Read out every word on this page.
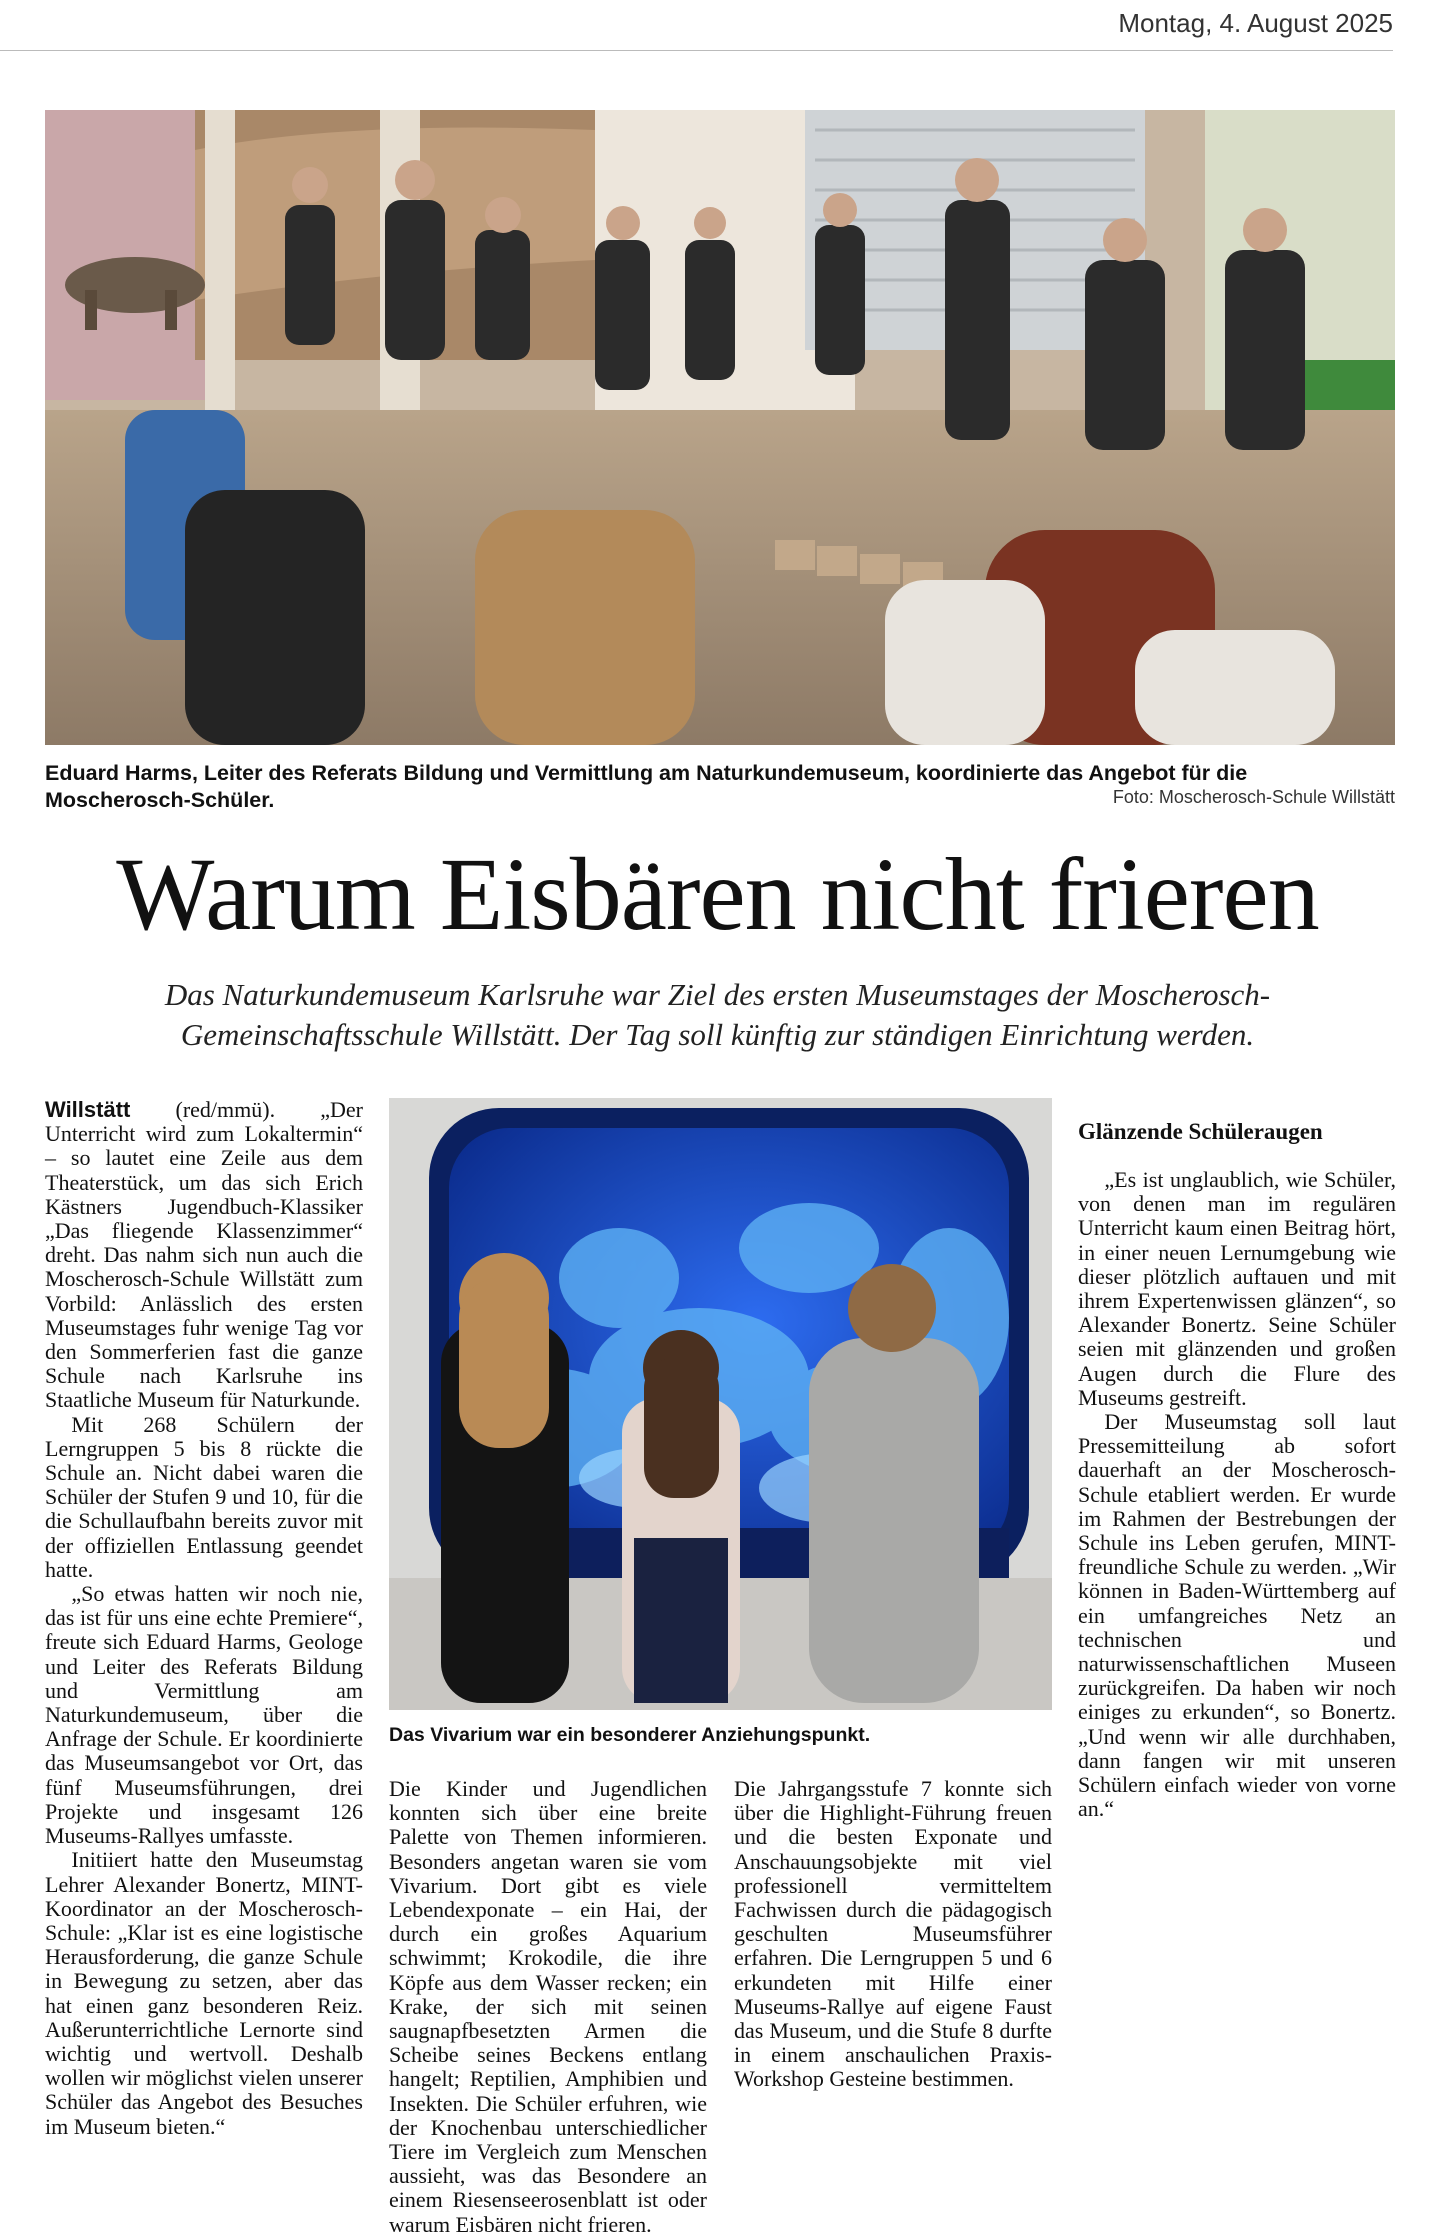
Montag, 4. August 2025
Eduard Harms, Leiter des Referats Bildung und Vermittlung am Naturkundemuseum, koordinierte das Angebot für die Moscherosch-Schüler.	Foto: Moscherosch-Schule Willstätt
Warum Eisbären nicht frieren
Das Naturkundemuseum Karlsruhe war Ziel des ersten Museumstages der Moscherosch-Gemeinschaftsschule Willstätt. Der Tag soll künftig zur ständigen Einrichtung werden.

Willstätt (red/mmü). „Der Unterricht wird zum Lokaltermin“ – so lautet eine Zeile aus dem Theaterstück, um das sich Erich Kästners Jugendbuch-Klassiker „Das fliegende Klassenzimmer“ dreht. Das nahm sich nun auch die Moscherosch-Schule Willstätt zum Vorbild: Anlässlich des ersten Museumstages fuhr wenige Tag vor den Sommerferien fast die ganze Schule nach Karlsruhe ins Staatliche Museum für Naturkunde.

Mit 268 Schülern der Lerngruppen 5 bis 8 rückte die Schule an. Nicht dabei waren die Schüler der Stufen 9 und 10, für die die Schullaufbahn bereits zuvor mit der offiziellen Entlassung geendet hatte.

„So etwas hatten wir noch nie, das ist für uns eine echte Premiere“, freute sich Eduard Harms, Geologe und Leiter des Referats Bildung und Vermittlung am Naturkundemuseum, über die Anfrage der Schule. Er koordinierte das Museumsangebot vor Ort, das fünf Museumsführungen, drei Projekte und insgesamt 126 Museums-Rallyes umfasste.

Initiiert hatte den Museumstag Lehrer Alexander Bonertz, MINT-Koordinator an der Moscherosch-Schule: „Klar ist es eine logistische Herausforderung, die ganze Schule in Bewegung zu setzen, aber das hat einen ganz besonderen Reiz. Außerunterrichtliche Lernorte sind wichtig und wertvoll. Deshalb wollen wir möglichst vielen unserer Schüler das Angebot des Besuches im Museum bieten.“

Das Vivarium war ein besonderer Anziehungspunkt.

Die Kinder und Jugendlichen konnten sich über eine breite Palette von Themen informieren. Besonders angetan waren sie vom Vivarium. Dort gibt es viele Lebendexponate – ein Hai, der durch ein großes Aquarium schwimmt; Krokodile, die ihre Köpfe aus dem Wasser recken; ein Krake, der sich mit seinen saugnapfbesetzten Armen die Scheibe seines Beckens entlang hangelt; Reptilien, Amphibien und Insekten. Die Schüler erfuhren, wie der Knochenbau unterschiedlicher Tiere im Vergleich zum Menschen aussieht, was das Besondere an einem Riesenseerosenblatt ist oder warum Eisbären nicht frieren.

Die Jahrgangsstufe 7 konnte sich über die Highlight-Führung freuen und die besten Exponate und Anschauungsobjekte mit viel professionell vermitteltem Fachwissen durch die pädagogisch geschulten Museumsführer erfahren. Die Lerngruppen 5 und 6 erkundeten mit Hilfe einer Museums-Rallye auf eigene Faust das Museum, und die Stufe 8 durfte in einem anschaulichen Praxis-Workshop Gesteine bestimmen.

Glänzende Schüleraugen

„Es ist unglaublich, wie Schüler, von denen man im regulären Unterricht kaum einen Beitrag hört, in einer neuen Lernumgebung wie dieser plötzlich auftauen und mit ihrem Expertenwissen glänzen“, so Alexander Bonertz. Seine Schüler seien mit glänzenden und großen Augen durch die Flure des Museums gestreift.

Der Museumstag soll laut Pressemitteilung ab sofort dauerhaft an der Moscherosch-Schule etabliert werden. Er wurde im Rahmen der Bestrebungen der Schule ins Leben gerufen, MINT-freundliche Schule zu werden. „Wir können in Baden-Württemberg auf ein umfangreiches Netz an technischen und naturwissenschaftlichen Museen zurückgreifen. Da haben wir noch einiges zu erkunden“, so Bonertz. „Und wenn wir alle durchhaben, dann fangen wir mit unseren Schülern einfach wieder von vorne an.“
